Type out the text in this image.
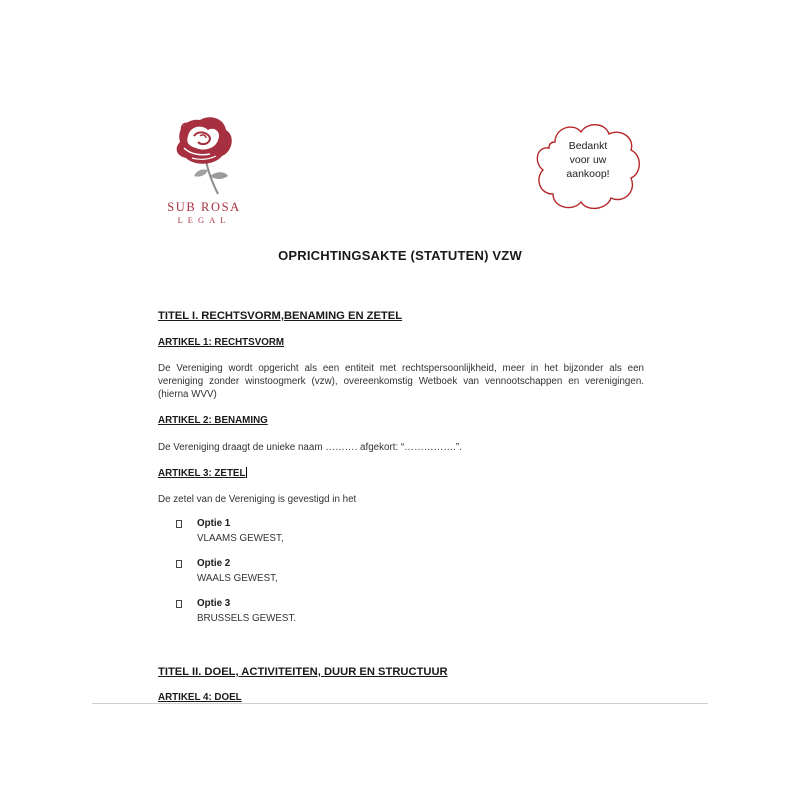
SUB ROSA
LEGAL
Bedankt
voor uw
aankoop!
OPRICHTINGSAKTE (STATUTEN) VZW
TITEL I. RECHTSVORM,BENAMING EN ZETEL
ARTIKEL 1: RECHTSVORM
De Vereniging wordt opgericht als een entiteit met rechtspersoonlijkheid, meer in het bijzonder als een vereniging zonder winstoogmerk (vzw), overeenkomstig Wetboek van vennootschappen en verenigingen. (hierna WVV)
ARTIKEL 2: BENAMING
De Vereniging draagt de unieke naam ………. afgekort: “…………….”.
ARTIKEL 3: ZETEL
De zetel van de Vereniging is gevestigd in het
Optie 1
VLAAMS GEWEST,
Optie 2
WAALS GEWEST,
Optie 3
BRUSSELS GEWEST.
TITEL II. DOEL, ACTIVITEITEN, DUUR EN STRUCTUUR
ARTIKEL 4: DOEL
